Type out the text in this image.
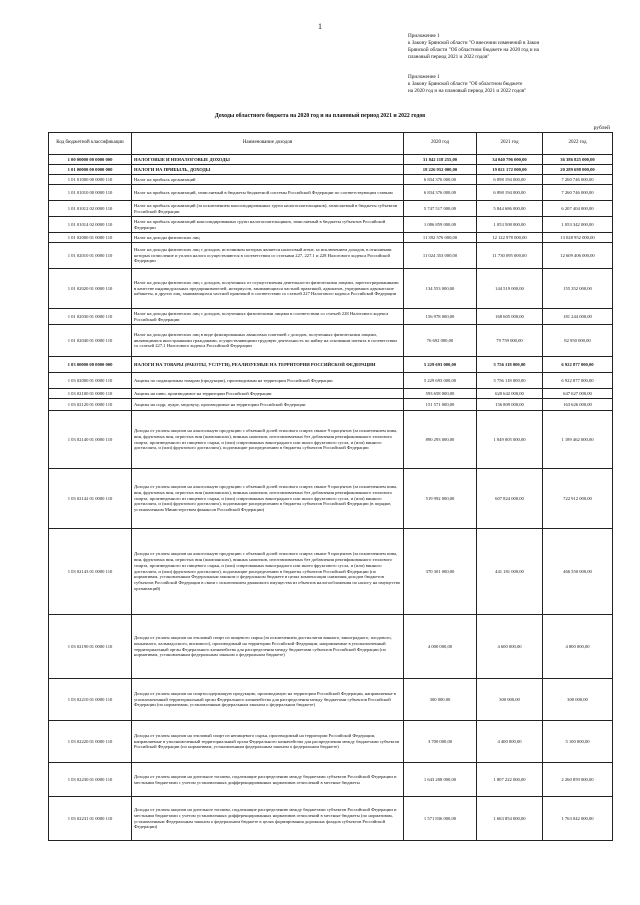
1
Приложение 1
к Закону Брянской области "О внесении изменений в Закон
Брянской области "Об областном бюджете на 2020 год и на
плановый период 2021 и 2022 годов"
Приложение 1
к Закону Брянской области "Об областном бюджете
на 2020 год и на плановый период 2021 и 2022 годов"
Доходы областного бюджета на 2020 год и на плановый период 2021 и 2022 годов
рублей
Код бюджетной классификации	Наименование доходов	2020 год	2021 год	2022 год
1 00 00000 00 0000 000	НАЛОГОВЫЕ И НЕНАЛОГОВЫЕ ДОХОДЫ	31 842 118 255,00	34 040 796 000,00	36 386 825 000,00
1 01 00000 00 0000 000	НАЛОГИ НА ПРИБЫЛЬ, ДОХОДЫ	18 226 952 000,00	19 021 172 000,00	20 289 698 000,00
1 01 01000 00 0000 110	Налог на прибыль организаций	6 834 376 000,00	6 898 194 000,00	7 260 746 000,00
1 01 01010 00 0000 110	Налог на прибыль организаций, зачисляемый в бюджеты бюджетной системы Российской Федерации по соответствующим ставкам	6 834 376 000,00	6 898 194 000,00	7 260 746 000,00
1 01 01012 02 0000 110	Налог на прибыль организаций (за исключением консолидированных групп налогоплательщиков), зачисляемый в бюджеты субъектов Российской Федерации	5 747 517 000,00	5 844 686 000,00	6 207 404 000,00
1 01 01014 02 0000 110	Налог на прибыль организаций консолидированных групп налогоплательщиков, зачисляемый в бюджеты субъектов Российской Федерации	1 086 859 000,00	1 053 508 000,00	1 053 342 000,00
1 01 02000 01 0000 110	Налог на доходы физических лиц	11 392 576 000,00	12 122 978 000,00	13 028 952 000,00
1 01 02010 01 0000 110	Налог на доходы физических лиц с доходов, источником которых является налоговый агент, за исключением доходов, в отношении которых исчисление и уплата налога осуществляются в соответствии со статьями 227, 227.1 и 228 Налогового кодекса Российской Федерации	11 024 353 000,00	11 730 095 000,00	12 609 406 000,00
1 01 02020 01 0000 110	Налог на доходы физических лиц с доходов, полученных от осуществления деятельности физическими лицами, зарегистрированными в качестве индивидуальных предпринимателей, нотариусов, занимающихся частной практикой, адвокатов, учредивших адвокатские кабинеты, и других лиц, занимающихся частной практикой в соответствии со статьей 227 Налогового кодекса Российской Федерации	134 553 000,00	144 519 000,00	155 352 000,00
1 01 02030 01 0000 110	Налог на доходы физических лиц с доходов, полученных физическими лицами в соответствии со статьей 228 Налогового кодекса Российской Федерации	156 978 000,00	168 605 000,00	181 244 000,00
1 01 02040 01 0000 110	Налог на доходы физических лиц в виде фиксированных авансовых платежей с доходов, полученных физическими лицами, являющимися иностранными гражданами, осуществляющими трудовую деятельность по найму на основании патента в соответствии со статьей 227.1 Налогового кодекса Российской Федерации	76 692 000,00	79 759 000,00	82 950 000,00
1 03 00000 00 0000 000	НАЛОГИ НА ТОВАРЫ (РАБОТЫ, УСЛУГИ), РЕАЛИЗУЕМЫЕ НА ТЕРРИТОРИИ РОССИЙСКОЙ ФЕДЕРАЦИИ	5 229 693 000,00	5 756 118 000,00	6 922 877 000,00
1 03 02000 01 0000 110	Акцизы по подакцизным товарам (продукции), производимым на территории Российской Федерации	5 229 693 000,00	5 756 118 000,00	6 922 877 000,00
1 03 02100 01 0000 110	Акцизы на пиво, производимое на территории Российской Федерации	593 658 000,00	620 642 000,00	647 627 000,00
1 03 02120 01 0000 110	Акцизы на сидр, пуаре, медовуху, производимые на территории Российской Федерации	151 571 000,00	156 809 000,00	163 626 000,00
1 03 02140 01 0000 110	Доходы от уплаты акцизов на алкогольную продукцию с объемной долей этилового спирта свыше 9 процентов (за исключением пива, вин, фруктовых вин, игристых вин (шампанских), винных напитков, изготавливаемых без добавления ректификованного этилового спирта, произведенного из пищевого сырья, и (или) спиртованных виноградного или иного фруктового сусла, и (или) винного дистиллята, и (или) фруктового дистиллята), подлежащие распределению в бюджеты субъектов Российской Федерации	890 293 000,00	1 049 005 000,00	1 189 462 000,00
1 03 02142 01 0000 110	Доходы от уплаты акцизов на алкогольную продукцию с объемной долей этилового спирта свыше 9 процентов (за исключением пива, вин, фруктовых вин, игристых вин (шампанских), винных напитков, изготавливаемых без добавления ректификованного этилового спирта, произведенного из пищевого сырья, и (или) спиртованных виноградного или иного фруктового сусла, и (или) винного дистиллята, и (или) фруктового дистиллята), подлежащие распределению в бюджеты субъектов Российской Федерации (в порядке, установленном Министерством финансов Российской Федерации)	519 992 000,00	607 824 000,00	722 912 000,00
1 03 02143 01 0000 110	Доходы от уплаты акцизов на алкогольную продукцию с объемной долей этилового спирта свыше 9 процентов (за исключением пива, вин, фруктовых вин, игристых вин (шампанских), винных напитков, изготавливаемых без добавления ректификованного этилового спирта, произведенного из пищевого сырья, и (или) спиртованных виноградного или иного фруктового сусла, и (или) винного дистиллята, и (или) фруктового дистиллята), подлежащие распределению в бюджеты субъектов Российской Федерации (по нормативам, установленным Федеральным законом о федеральном бюджете в целях компенсации снижения доходов бюджетов субъектов Российской Федерации в связи с исключением движимого имущества из объектов налогообложения по налогу на имущество организаций)	370 301 000,00	441 181 000,00	466 550 000,00
1 03 02190 01 0000 110	Доходы от уплаты акцизов на этиловый спирт из пищевого сырья (за исключением дистиллятов винного, виноградного, плодового, коньячного, кальвадосного, вискового), производимый на территории Российской Федерации, направляемые в уполномоченный территориальный орган Федерального казначейства для распределения между бюджетами субъектов Российской Федерации (по нормативам, установленным федеральным законом о федеральном бюджете)	4 000 000,00	4 600 000,00	4 800 000,00
1 03 02210 01 0000 110	Доходы от уплаты акцизов на спиртосодержащую продукцию, производимую на территории Российской Федерации, направляемые в уполномоченный территориальный орган Федерального казначейства для распределения между бюджетами субъектов Российской Федерации (по нормативам, установленным федеральным законом о федеральном бюджете)	300 000,00	300 000,00	300 000,00
1 03 02220 01 0000 110	Доходы от уплаты акцизов на этиловый спирт из непищевого сырья, производимый на территории Российской Федерации, направляемые в уполномоченный территориальный орган Федерального казначейства для распределения между бюджетами субъектов Российской Федерации (по нормативам, установленным федеральным законом о федеральном бюджете)	3 700 000,00	4 400 000,00	5 100 000,00
1 03 02230 01 0000 110	Доходы от уплаты акцизов на дизельное топливо, подлежащие распределению между бюджетами субъектов Российской Федерации и местными бюджетами с учетом установленных дифференцированных нормативов отчислений в местные бюджеты	1 643 208 000,00	1 807 222 000,00	2 260 859 000,00
1 03 02231 01 0000 110	Доходы от уплаты акцизов на дизельное топливо, подлежащие распределению между бюджетами субъектов Российской Федерации и местными бюджетами с учетом установленных дифференцированных нормативов отчислений в местные бюджеты (по нормативам, установленным Федеральным законом о федеральном бюджете в целях формирования дорожных фондов субъектов Российской Федерации)	1 571 836 000,00	1 663 854 000,00	1 763 042 000,00
